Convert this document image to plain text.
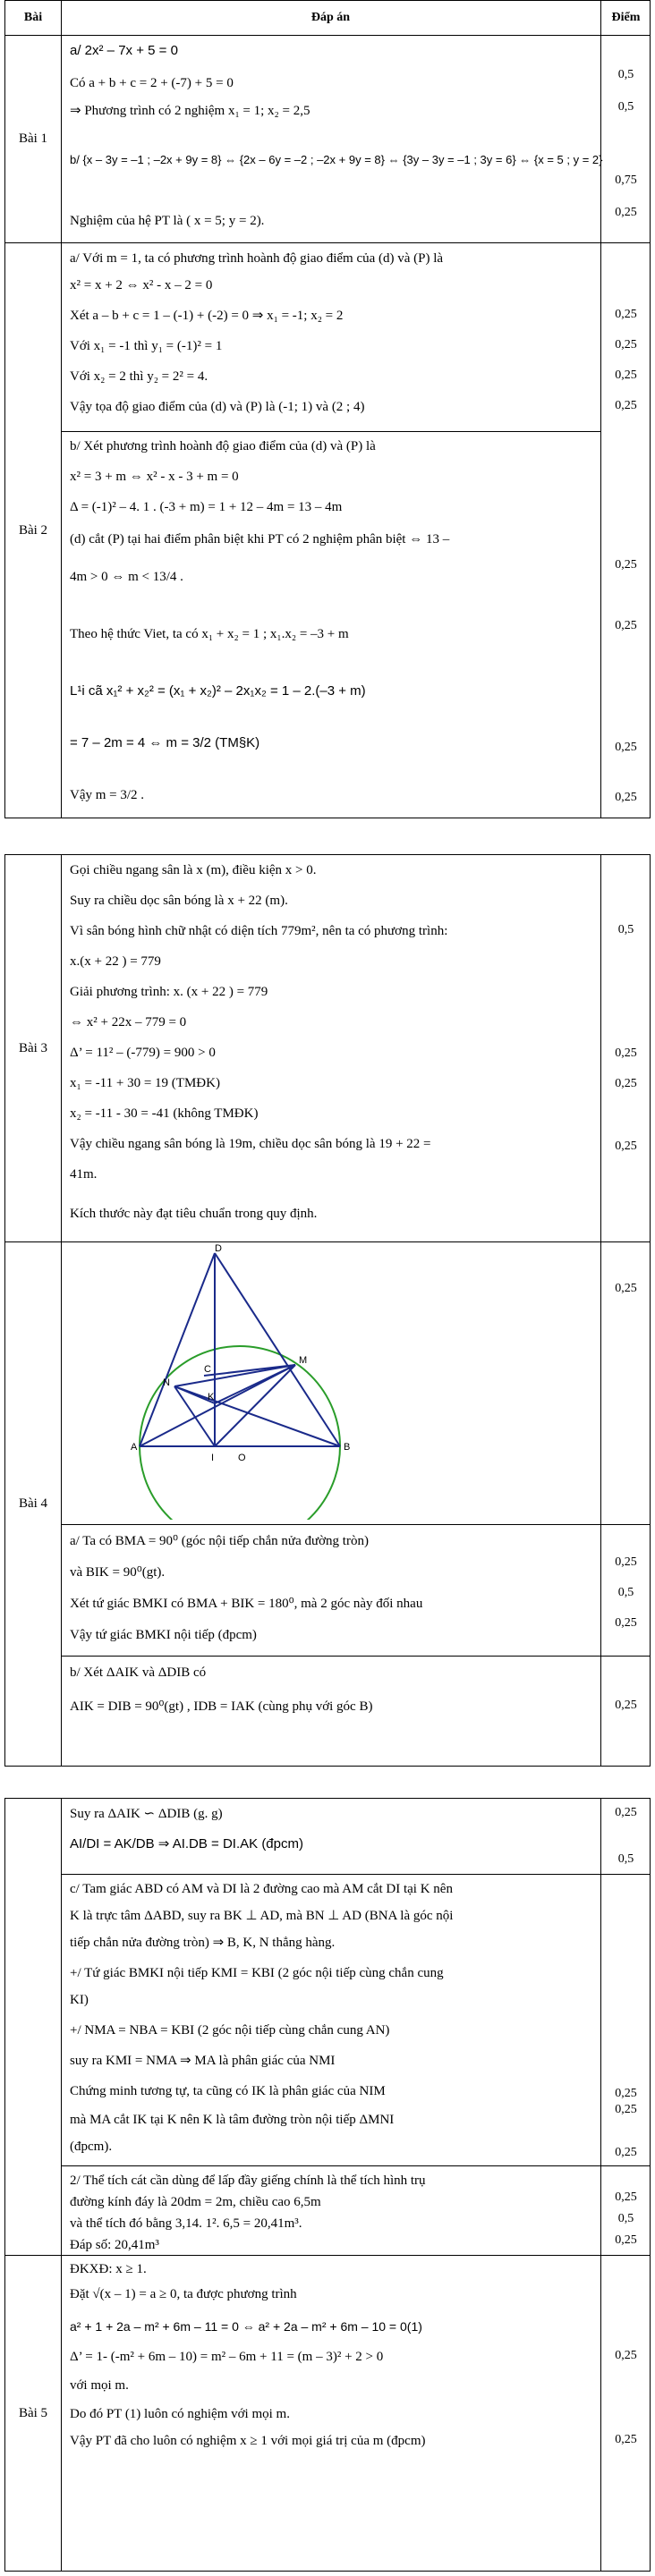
Bài	Đáp án	Điểm
Bài 1
a/ 2x² – 7x + 5 = 0
Có a + b + c = 2 + (-7) + 5 = 0
⇒ Phương trình có 2 nghiệm x₁ = 1; x₂ = 2,5
b/ {x – 3y = –1 ; –2x + 9y = 8} ⇔ {2x – 6y = –2 ; –2x + 9y = 8} ⇔ {3y – 3y = –1 ; 3y = 6} ⇔ {x = 5 ; y = 2}
Nghiệm của hệ PT là ( x = 5; y = 2).
0,5
0,5
0,75
0,25
Bài 2
a/ Với m = 1, ta có phương trình hoành độ giao điểm của (d) và (P) là
x² = x + 2 ⇔ x² - x – 2 = 0
Xét a – b + c = 1 – (-1) + (-2) = 0 ⇒ x₁ = -1; x₂ = 2
Với x₁ = -1 thì y₁ = (-1)² = 1
Với x₂ = 2 thì y₂ = 2² = 4.
Vậy tọa độ giao điểm của (d) và (P) là (-1; 1) và (2 ; 4)
b/ Xét phương trình hoành độ giao điểm của (d) và (P) là
x² = 3 + m ⇔ x² - x - 3 + m = 0
Δ = (-1)² – 4. 1 . (-3 + m) = 1 + 12 – 4m = 13 – 4m
(d) cắt (P) tại hai điểm phân biệt khi PT có 2 nghiệm phân biệt ⇔ 13 –
4m > 0 ⇔ m < 13/4 .
Theo hệ thức Viet, ta có x₁ + x₂ = 1 ; x₁.x₂ = –3 + m
L¹i cã x₁² + x₂² = (x₁ + x₂)² – 2x₁x₂ = 1 – 2.(–3 + m)
= 7 – 2m = 4 ⇔ m = 3/2 (TM§K)
Vậy m = 3/2 .
0,25
0,25
0,25
0,25
0,25
0,25
0,25
0,25
Bài 3
Gọi chiều ngang sân là x (m), điều kiện x > 0.
Suy ra chiều dọc sân bóng là x + 22 (m).
Vì sân bóng hình chữ nhật có diện tích 779m², nên ta có phương trình:
x.(x + 22 ) = 779
Giải phương trình: x. (x + 22 ) = 779
⇔ x² + 22x – 779 = 0
Δ’ = 11² – (-779) = 900 > 0
x₁ = -11 + 30 = 19 (TMĐK)
x₂ = -11 - 30 = -41 (không TMĐK)
Vậy chiều ngang sân bóng là 19m, chiều dọc sân bóng là 19 + 22 =
41m.
Kích thước này đạt tiêu chuẩn trong quy định.
0,5
0,25
0,25
0,25
Bài 4
D
C
M
N
K
A
I O
B
a/ Ta có BMA = 90⁰ (góc nội tiếp chắn nửa đường tròn)
và BIK = 90⁰(gt).
Xét tứ giác BMKI có BMA + BIK = 180⁰, mà 2 góc này đối nhau
Vậy tứ giác BMKI nội tiếp (đpcm)
b/ Xét ΔAIK và ΔDIB có
AIK = DIB = 90⁰(gt) , IDB = IAK (cùng phụ với góc B)
0,25
0,25
0,5
0,25
0,25
Suy ra ΔAIK ∽ ΔDIB (g. g)
AI/DI = AK/DB ⇒ AI.DB = DI.AK (đpcm)
c/ Tam giác ABD có AM và DI là 2 đường cao mà AM cắt DI tại K nên
K là trực tâm ΔABD, suy ra BK ⊥ AD, mà BN ⊥ AD (BNA là góc nội
tiếp chắn nửa đường tròn) ⇒ B, K, N thẳng hàng.
+/ Tứ giác BMKI nội tiếp KMI = KBI (2 góc nội tiếp cùng chắn cung
KI)
+/ NMA = NBA = KBI (2 góc nội tiếp cùng chắn cung AN)
suy ra KMI = NMA ⇒ MA là phân giác của NMI
Chứng minh tương tự, ta cũng có IK là phân giác của NIM
mà MA cắt IK tại K nên K là tâm đường tròn nội tiếp ΔMNI
(đpcm).
2/ Thể tích cát cần dùng để lấp đầy giếng chính là thể tích hình trụ
đường kính đáy là 20dm = 2m, chiều cao 6,5m
và thể tích đó bằng 3,14. 1². 6,5 = 20,41m³.
Đáp số: 20,41m³
0,25
0,5
0,25
0,25
0,25
0,25
0,5
0,25
Bài 5
ĐKXĐ: x ≥ 1.
Đặt √(x – 1) = a ≥ 0, ta được phương trình
a² + 1 + 2a – m² + 6m – 11 = 0 ⇔ a² + 2a – m² + 6m – 10 = 0(1)
Δ’ = 1- (-m² + 6m – 10) = m² – 6m + 11 = (m – 3)² + 2 > 0
với mọi m.
Do đó PT (1) luôn có nghiệm với mọi m.
Vậy PT đã cho luôn có nghiệm x ≥ 1 với mọi giá trị của m (đpcm)
0,25
0,25
